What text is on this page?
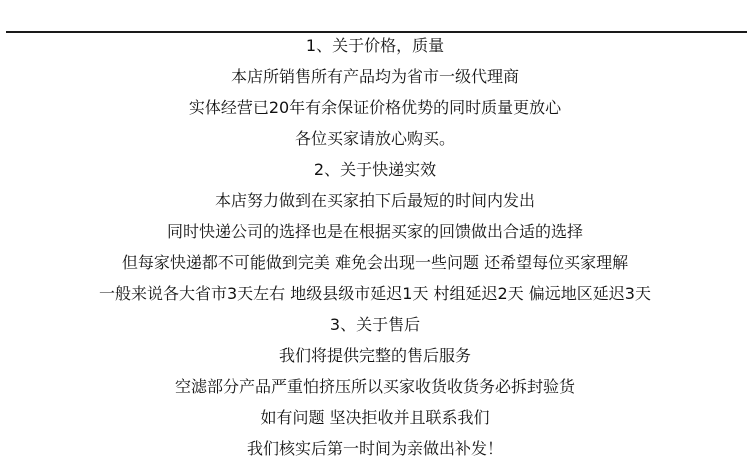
1、关于价格，质量
本店所销售所有产品均为省市一级代理商
实体经营已20年有余保证价格优势的同时质量更放心
各位买家请放心购买。
2、关于快递实效
本店努力做到在买家拍下后最短的时间内发出
同时快递公司的选择也是在根据买家的回馈做出合适的选择
但每家快递都不可能做到完美 难免会出现一些问题 还希望每位买家理解
一般来说各大省市3天左右 地级县级市延迟1天 村组延迟2天 偏远地区延迟3天
3、关于售后
我们将提供完整的售后服务
空滤部分产品严重怕挤压所以买家收货收货务必拆封验货
如有问题 坚决拒收并且联系我们
我们核实后第一时间为亲做出补发！
